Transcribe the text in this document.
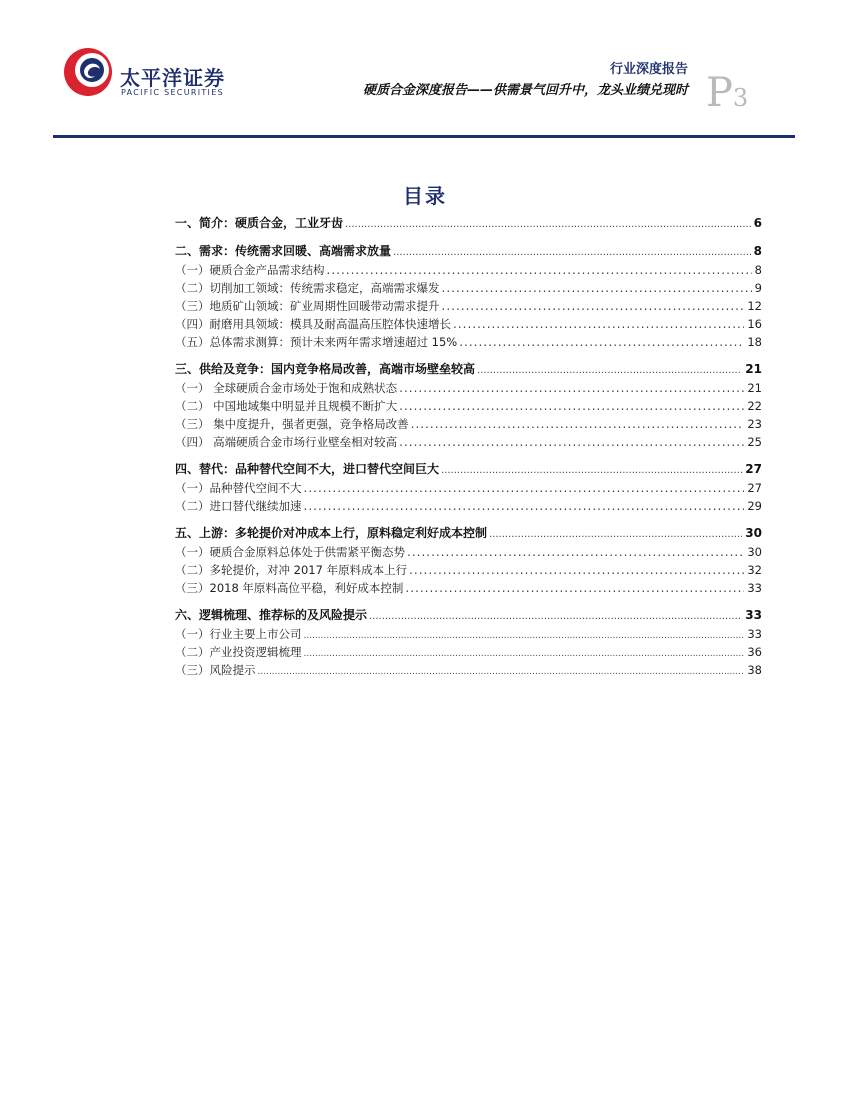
太平洋证券
PACIFIC SECURITIES
行业深度报告
硬质合金深度报告——供需景气回升中，龙头业绩兑现时 P3
目录
一、简介：硬质合金，工业牙齿 .....	6
二、需求：传统需求回暖、高端需求放量 .....	8
（一）硬质合金产品需求结构 .....	8
（二）切削加工领域：传统需求稳定，高端需求爆发 .....	9
（三）地质矿山领域：矿业周期性回暖带动需求提升 .....	12
（四）耐磨用具领域：模具及耐高温高压腔体快速增长 .....	16
（五）总体需求测算：预计未来两年需求增速超过 15% .....	18
三、供给及竞争：国内竞争格局改善，高端市场壁垒较高 .....	21
（一） 全球硬质合金市场处于饱和成熟状态 .....	21
（二） 中国地域集中明显并且规模不断扩大 .....	22
（三） 集中度提升，强者更强，竞争格局改善 .....	23
（四） 高端硬质合金市场行业壁垒相对较高 .....	25
四、替代：品种替代空间不大，进口替代空间巨大 .....	27
（一）品种替代空间不大 .....	27
（二）进口替代继续加速 .....	29
五、上游：多轮提价对冲成本上行，原料稳定利好成本控制 .....	30
（一）硬质合金原料总体处于供需紧平衡态势 .....	30
（二）多轮提价，对冲 2017 年原料成本上行 .....	32
（三）2018 年原料高位平稳，利好成本控制 .....	33
六、逻辑梳理、推荐标的及风险提示 .....	33
（一）行业主要上市公司 .....	33
（二）产业投资逻辑梳理 .....	36
（三）风险提示 .....	38
